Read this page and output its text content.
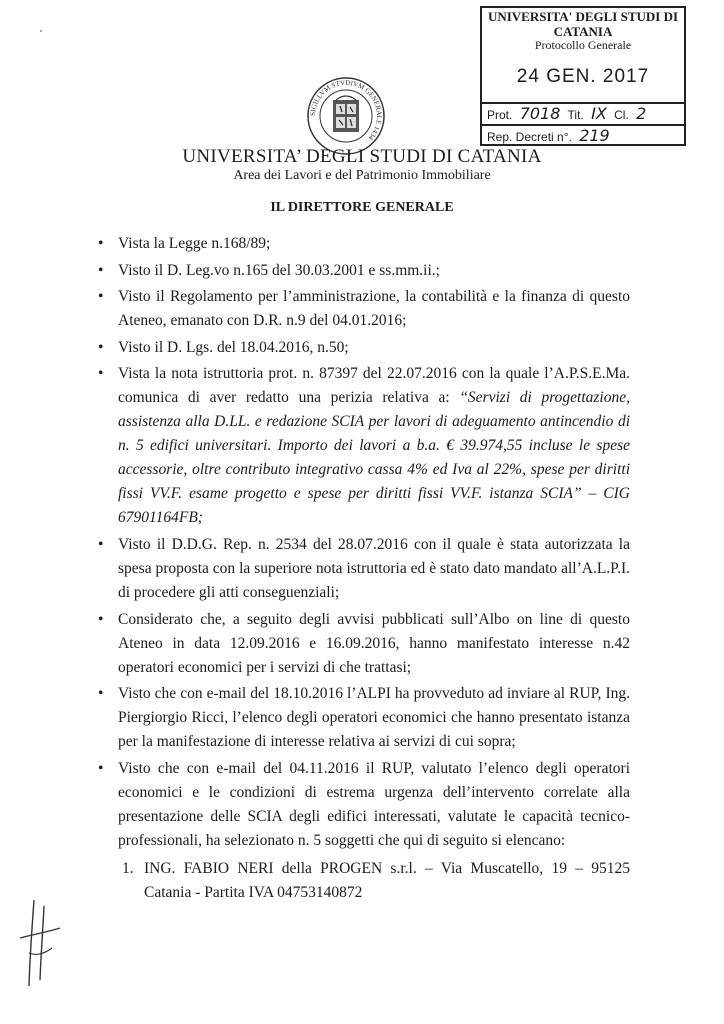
UNIVERSITA' DEGLI STUDI DI
CATANIA
Protocollo Generale
24 GEN. 2017
Prot. 7018 Tit. IX Cl. 2
Rep. Decreti n°. 219
SIGILLVM STVDIVM GENERALE 1434
UNIVERSITA’ DEGLI STUDI DI CATANIA
Area dei Lavori e del Patrimonio Immobiliare
IL DIRETTORE GENERALE
• Vista la Legge n.168/89;
• Visto il D. Leg.vo n.165 del 30.03.2001 e ss.mm.ii.;
• Visto il Regolamento per l’amministrazione, la contabilità e la finanza di questo Ateneo, emanato con D.R. n.9 del 04.01.2016;
• Visto il D. Lgs. del 18.04.2016, n.50;
• Vista la nota istruttoria prot. n. 87397 del 22.07.2016 con la quale l’A.P.S.E.Ma. comunica di aver redatto una perizia relativa a: “Servizi di progettazione, assistenza alla D.LL. e redazione SCIA per lavori di adeguamento antincendio di n. 5 edifici universitari. Importo dei lavori a b.a. € 39.974,55 incluse le spese accessorie, oltre contributo integrativo cassa 4% ed Iva al 22%, spese per diritti fissi VV.F. esame progetto e spese per diritti fissi VV.F. istanza SCIA” – CIG 67901164FB;
• Visto il D.D.G. Rep. n. 2534 del 28.07.2016 con il quale è stata autorizzata la spesa proposta con la superiore nota istruttoria ed è stato dato mandato all’A.L.P.I. di procedere gli atti conseguenziali;
• Considerato che, a seguito degli avvisi pubblicati sull’Albo on line di questo Ateneo in data 12.09.2016 e 16.09.2016, hanno manifestato interesse n.42 operatori economici per i servizi di che trattasi;
• Visto che con e-mail del 18.10.2016 l’ALPI ha provveduto ad inviare al RUP, Ing. Piergiorgio Ricci, l’elenco degli operatori economici che hanno presentato istanza per la manifestazione di interesse relativa ai servizi di cui sopra;
• Visto che con e-mail del 04.11.2016 il RUP, valutato l’elenco degli operatori economici e le condizioni di estrema urgenza dell’intervento correlate alla presentazione delle SCIA degli edifici interessati, valutate le capacità tecnico-professionali, ha selezionato n. 5 soggetti che qui di seguito si elencano:
1. ING. FABIO NERI della PROGEN s.r.l. – Via Muscatello, 19 – 95125 Catania - Partita IVA 04753140872
